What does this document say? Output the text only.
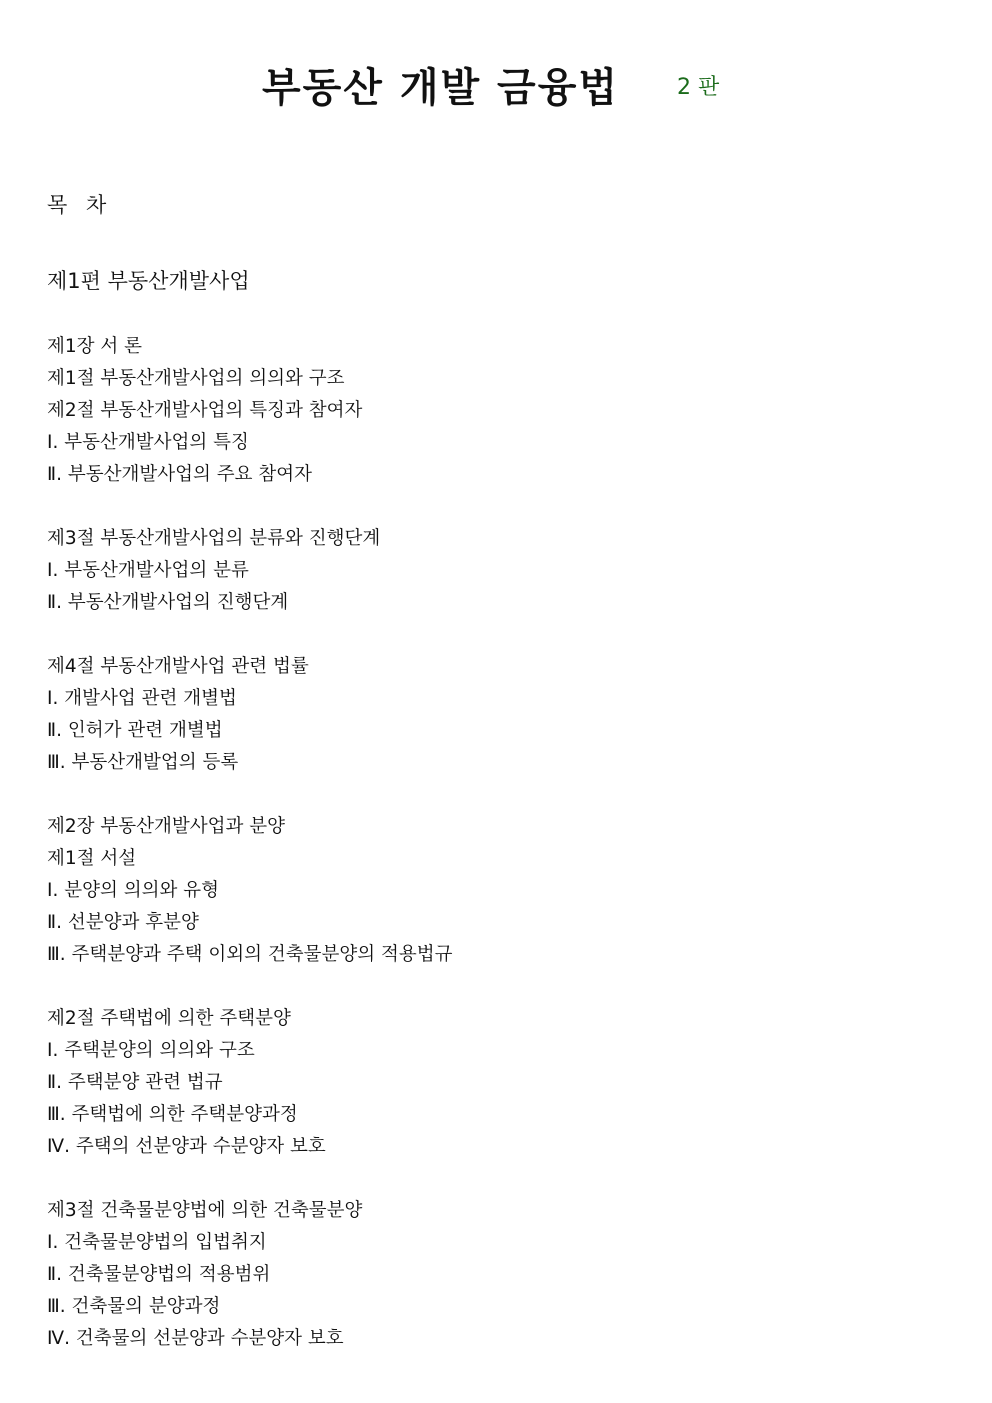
부동산 개발 금융법	2 판
목 차
제1편 부동산개발사업
제1장 서 론
제1절 부동산개발사업의 의의와 구조
제2절 부동산개발사업의 특징과 참여자
Ⅰ. 부동산개발사업의 특징
Ⅱ. 부동산개발사업의 주요 참여자
제3절 부동산개발사업의 분류와 진행단계
Ⅰ. 부동산개발사업의 분류
Ⅱ. 부동산개발사업의 진행단계
제4절 부동산개발사업 관련 법률
Ⅰ. 개발사업 관련 개별법
Ⅱ. 인허가 관련 개별법
Ⅲ. 부동산개발업의 등록
제2장 부동산개발사업과 분양
제1절 서설
Ⅰ. 분양의 의의와 유형
Ⅱ. 선분양과 후분양
Ⅲ. 주택분양과 주택 이외의 건축물분양의 적용법규
제2절 주택법에 의한 주택분양
Ⅰ. 주택분양의 의의와 구조
Ⅱ. 주택분양 관련 법규
Ⅲ. 주택법에 의한 주택분양과정
Ⅳ. 주택의 선분양과 수분양자 보호
제3절 건축물분양법에 의한 건축물분양
Ⅰ. 건축물분양법의 입법취지
Ⅱ. 건축물분양법의 적용범위
Ⅲ. 건축물의 분양과정
Ⅳ. 건축물의 선분양과 수분양자 보호
